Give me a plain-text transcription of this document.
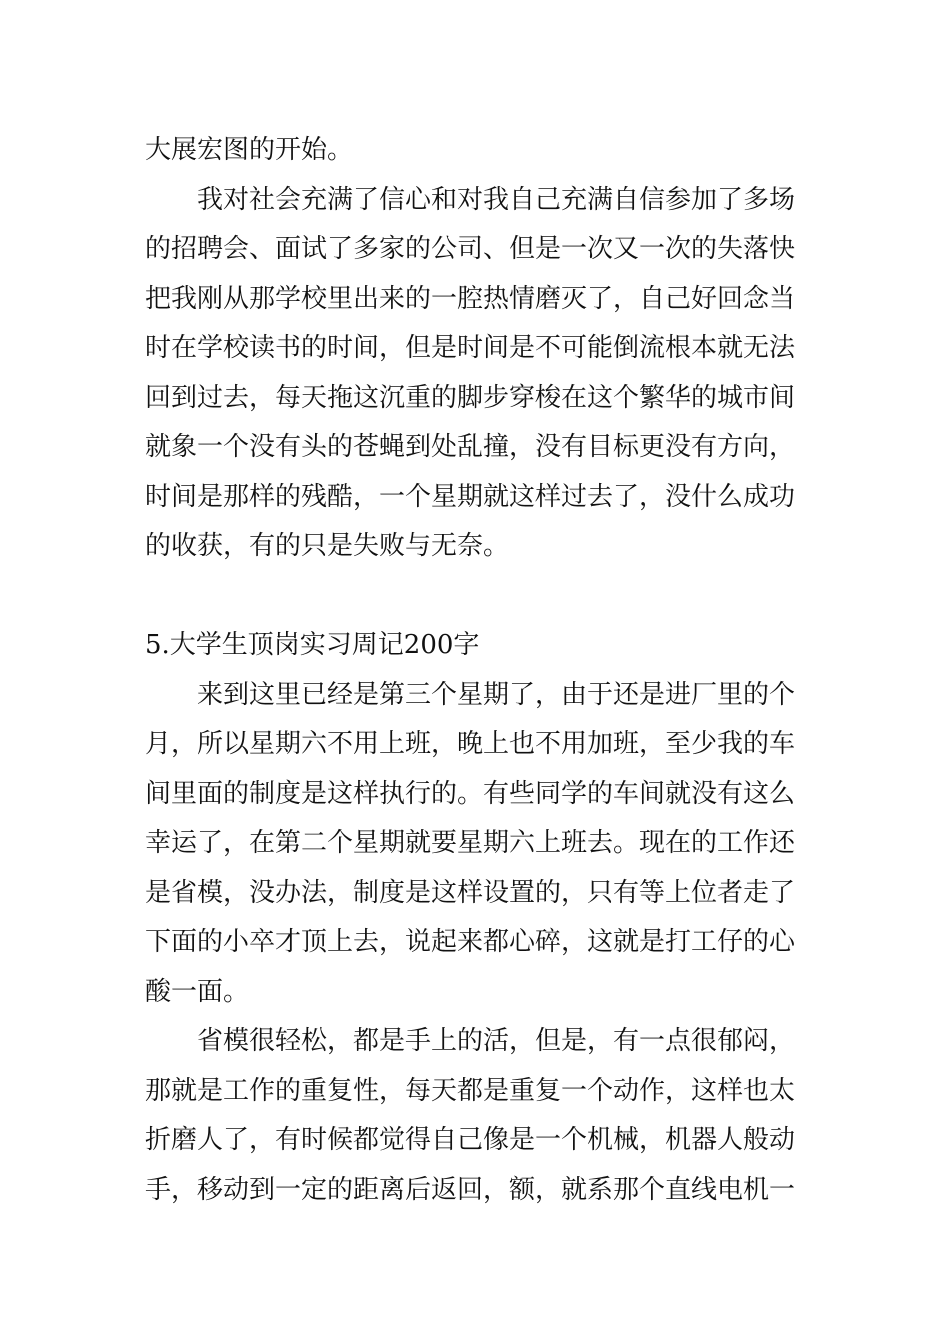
大展宏图的开始。
我对社会充满了信心和对我自己充满自信参加了多场
的招聘会、面试了多家的公司、但是一次又一次的失落快
把我刚从那学校里出来的一腔热情磨灭了，自己好回念当
时在学校读书的时间，但是时间是不可能倒流根本就无法
回到过去，每天拖这沉重的脚步穿梭在这个繁华的城市间
就象一个没有头的苍蝇到处乱撞，没有目标更没有方向，
时间是那样的残酷，一个星期就这样过去了，没什么成功
的收获，有的只是失败与无奈。
5.大学生顶岗实习周记200字
来到这里已经是第三个星期了，由于还是进厂里的个
月，所以星期六不用上班，晚上也不用加班，至少我的车
间里面的制度是这样执行的。有些同学的车间就没有这么
幸运了，在第二个星期就要星期六上班去。现在的工作还
是省模，没办法，制度是这样设置的，只有等上位者走了
下面的小卒才顶上去，说起来都心碎，这就是打工仔的心
酸一面。
省模很轻松，都是手上的活，但是，有一点很郁闷，
那就是工作的重复性，每天都是重复一个动作，这样也太
折磨人了，有时候都觉得自己像是一个机械，机器人般动
手，移动到一定的距离后返回，额，就系那个直线电机一
